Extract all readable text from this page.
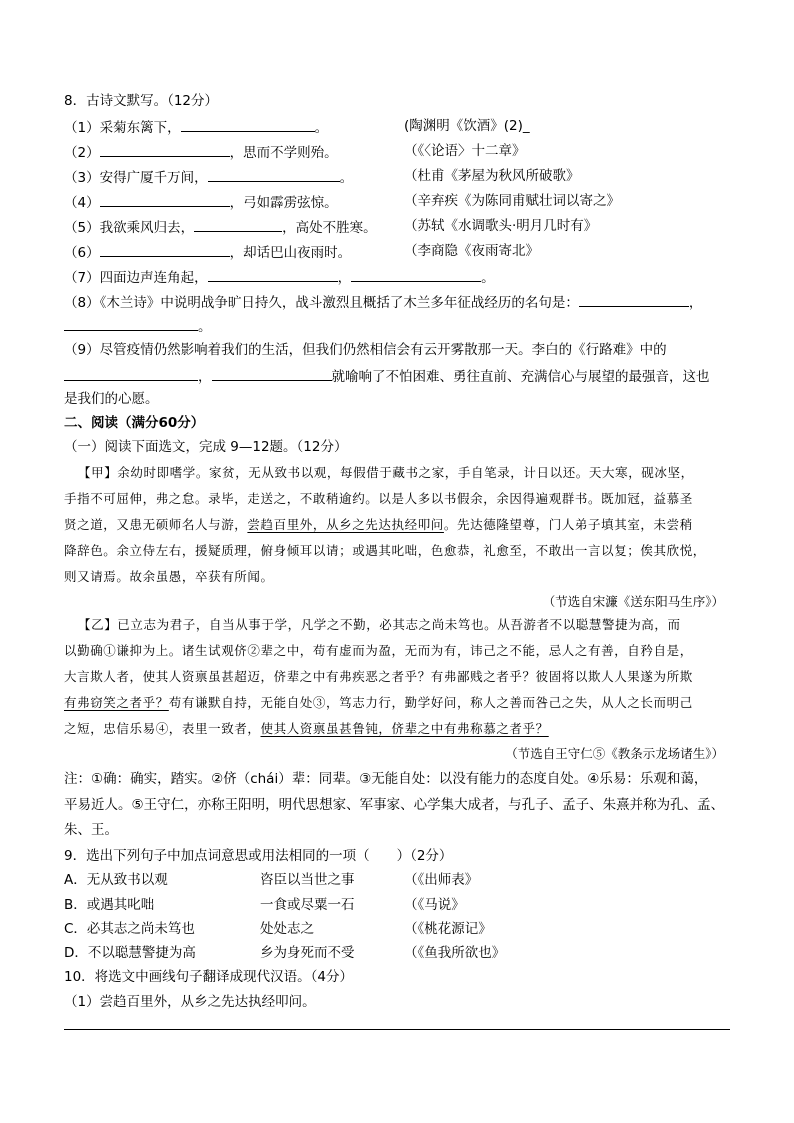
8．古诗文默写。（12分）
（1）采菊东篱下，	。	(陶渊明《饮酒》(2)_
（2）	，思而不学则殆。	（《〈论语〉十二章》
（3）安得广厦千万间，	。	（杜甫《茅屋为秋风所破歌》
（4）	，弓如霹雳弦惊。	（辛弃疾《为陈同甫赋壮词以寄之》
（5）我欲乘风归去，	，高处不胜寒。 （苏轼《水调歌头·明月几时有》
（6）	，却话巴山夜雨时。	（李商隐《夜雨寄北》
（7）四面边声连角起，	，	。
（8）《木兰诗》中说明战争旷日持久，战斗激烈且概括了木兰多年征战经历的名句是：	，
。
（9）尽管疫情仍然影响着我们的生活，但我们仍然相信会有云开雾散那一天。李白的《行路难》中的
，	就喻响了不怕困难、勇往直前、充满信心与展望的最强音，这也
是我们的心愿。
二、阅读（满分60分）
（一）阅读下面选文，完成 9—12题。（12分）
【甲】余幼时即嗜学。家贫，无从致书以观，每假借于藏书之家，手自笔录，计日以还。天大寒，砚冰坚，
手指不可屈伸，弗之怠。录毕，走送之，不敢稍逾约。以是人多以书假余，余因得遍观群书。既加冠，益慕圣
贤之道，又患无硕师名人与游，尝趋百里外，从乡之先达执经叩问。先达德隆望尊，门人弟子填其室，未尝稍
降辞色。余立侍左右，援疑质理，俯身倾耳以请；或遇其叱咄，色愈恭，礼愈至，不敢出一言以复；俟其欣悦，
则又请焉。故余虽愚，卒获有所闻。
（节选自宋濂《送东阳马生序》）
【乙】已立志为君子，自当从事于学，凡学之不勤，必其志之尚未笃也。从吾游者不以聪慧警捷为高，而
以勤确①谦抑为上。诸生试观侪②辈之中，苟有虚而为盈，无而为有，讳己之不能，忌人之有善，自矜自是，
大言欺人者，使其人资禀虽甚超迈，侪辈之中有弗疾恶之者乎？有弗鄙贱之者乎？彼固将以欺人人果遂为所欺
有弗窃笑之者乎？苟有谦默自持，无能自处③，笃志力行，勤学好问，称人之善而咎己之失，从人之长而明己
之短，忠信乐易④，表里一致者，使其人资禀虽甚鲁钝，侪辈之中有弗称慕之者乎？
（节选自王守仁⑤《教条示龙场诸生》）
注：①确：确实，踏实。②侪（chái）辈：同辈。③无能自处：以没有能力的态度自处。④乐易：乐观和蔼，
平易近人。⑤王守仁，亦称王阳明，明代思想家、军事家、心学集大成者，与孔子、孟子、朱熹并称为孔、孟、
朱、王。
9．选出下列句子中加点词意思或用法相同的一项（　　）（2分）
A．无从致书以观	咨臣以当世之事	（《出师表》
B．或遇其叱咄	一食或尽粟一石	（《马说》
C．必其志之尚未笃也	处处志之	（《桃花源记》
D．不以聪慧警捷为高	乡为身死而不受	（《鱼我所欲也》
10．将选文中画线句子翻译成现代汉语。（4分）
（1）尝趋百里外，从乡之先达执经叩问。
